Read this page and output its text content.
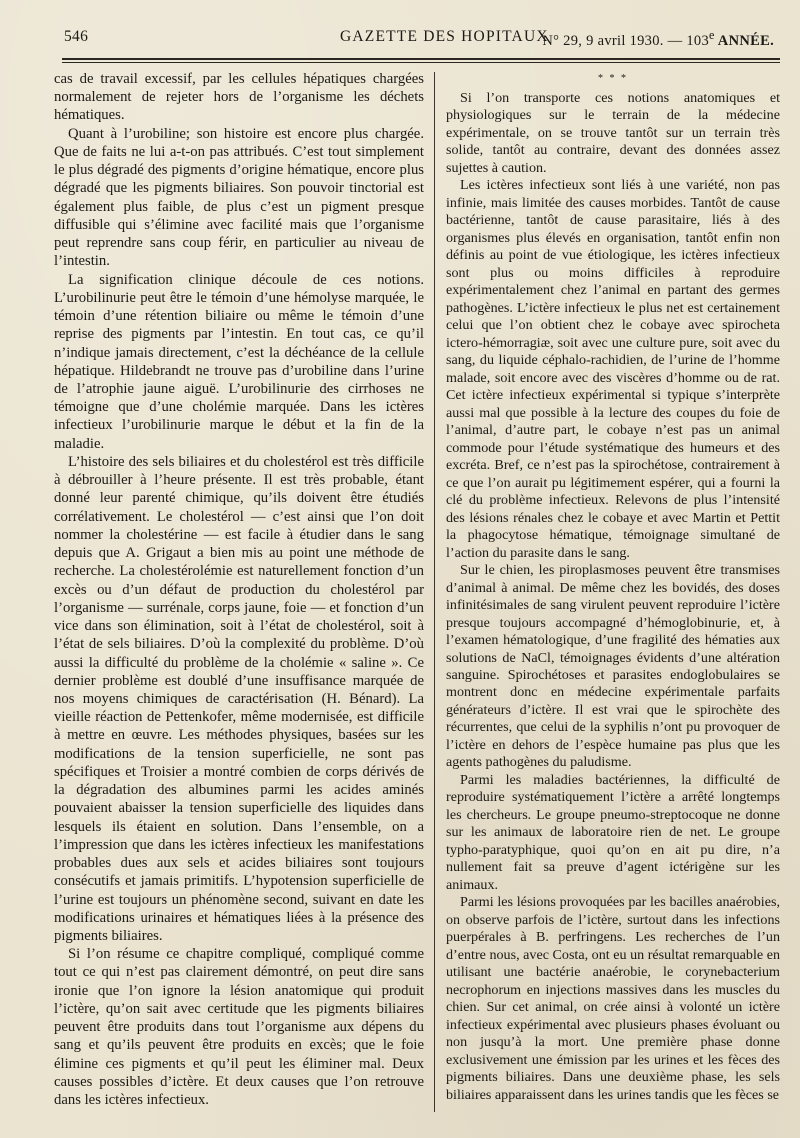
546	GAZETTE DES HOPITAUX
N° 29, 9 avril 1930. — 103e ANNÉE.

cas de travail excessif, par les cellules hépatiques chargées normalement de rejeter hors de l’organisme les déchets hématiques.

Quant à l’urobiline; son histoire est encore plus chargée. Que de faits ne lui a-t-on pas attribués. C’est tout simplement le plus dégradé des pigments d’origine hématique, encore plus dégradé que les pigments biliaires. Son pouvoir tinctorial est également plus faible, de plus c’est un pigment presque diffusible qui s’élimine avec facilité mais que l’organisme peut reprendre sans coup férir, en particulier au niveau de l’intestin.

La signification clinique découle de ces notions. L’urobilinurie peut être le témoin d’une hémolyse marquée, le témoin d’une rétention biliaire ou même le témoin d’une reprise des pigments par l’intestin. En tout cas, ce qu’il n’indique jamais directement, c’est la déchéance de la cellule hépatique. Hildebrandt ne trouve pas d’urobiline dans l’urine de l’atrophie jaune aiguë. L’urobilinurie des cirrhoses ne témoigne que d’une cholémie marquée. Dans les ictères infectieux l’urobilinurie marque le début et la fin de la maladie.

L’histoire des sels biliaires et du cholestérol est très difficile à débrouiller à l’heure présente. Il est très probable, étant donné leur parenté chimique, qu’ils doivent être étudiés corrélativement. Le cholestérol — c’est ainsi que l’on doit nommer la cholestérine — est facile à étudier dans le sang depuis que A. Grigaut a bien mis au point une méthode de recherche. La cholestérolémie est naturellement fonction d’un excès ou d’un défaut de production du cholestérol par l’organisme — surrénale, corps jaune, foie — et fonction d’un vice dans son élimination, soit à l’état de cholestérol, soit à l’état de sels biliaires. D’où la complexité du problème. D’où aussi la difficulté du problème de la cholémie « saline ». Ce dernier problème est doublé d’une insuffisance marquée de nos moyens chimiques de caractérisation (H. Bénard). La vieille réaction de Pettenkofer, même modernisée, est difficile à mettre en œuvre. Les méthodes physiques, basées sur les modifications de la tension superficielle, ne sont pas spécifiques et Troisier a montré combien de corps dérivés de la dégradation des albumines parmi les acides aminés pouvaient abaisser la tension superficielle des liquides dans lesquels ils étaient en solution. Dans l’ensemble, on a l’impression que dans les ictères infectieux les manifestations probables dues aux sels et acides biliaires sont toujours consécutifs et jamais primitifs. L’hypotension superficielle de l’urine est toujours un phénomène second, suivant en date les modifications urinaires et hématiques liées à la présence des pigments biliaires.

Si l’on résume ce chapitre compliqué, compliqué comme tout ce qui n’est pas clairement démontré, on peut dire sans ironie que l’on ignore la lésion anatomique qui produit l’ictère, qu’on sait avec certitude que les pigments biliaires peuvent être produits dans tout l’organisme aux dépens du sang et qu’ils peuvent être produits en excès; que le foie élimine ces pigments et qu’il peut les éliminer mal. Deux causes possibles d’ictère. Et deux causes que l’on retrouve dans les ictères infectieux.

* * *

Si l’on transporte ces notions anatomiques et physiologiques sur le terrain de la médecine expérimentale, on se trouve tantôt sur un terrain très solide, tantôt au contraire, devant des données assez sujettes à caution.

Les ictères infectieux sont liés à une variété, non pas infinie, mais limitée des causes morbides. Tantôt de cause bactérienne, tantôt de cause parasitaire, liés à des organismes plus élevés en organisation, tantôt enfin non définis au point de vue étiologique, les ictères infectieux sont plus ou moins difficiles à reproduire expérimentalement chez l’animal en partant des germes pathogènes. L’ictère infectieux le plus net est certainement celui que l’on obtient chez le cobaye avec spirocheta ictero-hémorragiæ, soit avec une culture pure, soit avec du sang, du liquide céphalo-rachidien, de l’urine de l’homme malade, soit encore avec des viscères d’homme ou de rat. Cet ictère infectieux expérimental si typique s’interprète aussi mal que possible à la lecture des coupes du foie de l’animal, d’autre part, le cobaye n’est pas un animal commode pour l’étude systématique des humeurs et des excréta. Bref, ce n’est pas la spirochétose, contrairement à ce que l’on aurait pu légitimement espérer, qui a fourni la clé du problème infectieux. Relevons de plus l’intensité des lésions rénales chez le cobaye et avec Martin et Pettit la phagocytose hématique, témoignage simultané de l’action du parasite dans le sang.

Sur le chien, les piroplasmoses peuvent être transmises d’animal à animal. De même chez les bovidés, des doses infinitésimales de sang virulent peuvent reproduire l’ictère presque toujours accompagné d’hémoglobinurie, et, à l’examen hématologique, d’une fragilité des hématies aux solutions de NaCl, témoignages évidents d’une altération sanguine. Spirochétoses et parasites endoglobulaires se montrent donc en médecine expérimentale parfaits générateurs d’ictère. Il est vrai que le spirochète des récurrentes, que celui de la syphilis n’ont pu provoquer de l’ictère en dehors de l’espèce humaine pas plus que les agents pathogènes du paludisme.

Parmi les maladies bactériennes, la difficulté de reproduire systématiquement l’ictère a arrêté longtemps les chercheurs. Le groupe pneumo-streptocoque ne donne sur les animaux de laboratoire rien de net. Le groupe typho-paratyphique, quoi qu’on en ait pu dire, n’a nullement fait sa preuve d’agent ictérigène sur les animaux.

Parmi les lésions provoquées par les bacilles anaérobies, on observe parfois de l’ictère, surtout dans les infections puerpérales à B. perfringens. Les recherches de l’un d’entre nous, avec Costa, ont eu un résultat remarquable en utilisant une bactérie anaérobie, le corynebacterium necrophorum en injections massives dans les muscles du chien. Sur cet animal, on crée ainsi à volonté un ictère infectieux expérimental avec plusieurs phases évoluant ou non jusqu’à la mort. Une première phase donne exclusivement une émission par les urines et les fèces des pigments biliaires. Dans une deuxième phase, les sels biliaires apparaissent dans les urines tandis que les fèces se
